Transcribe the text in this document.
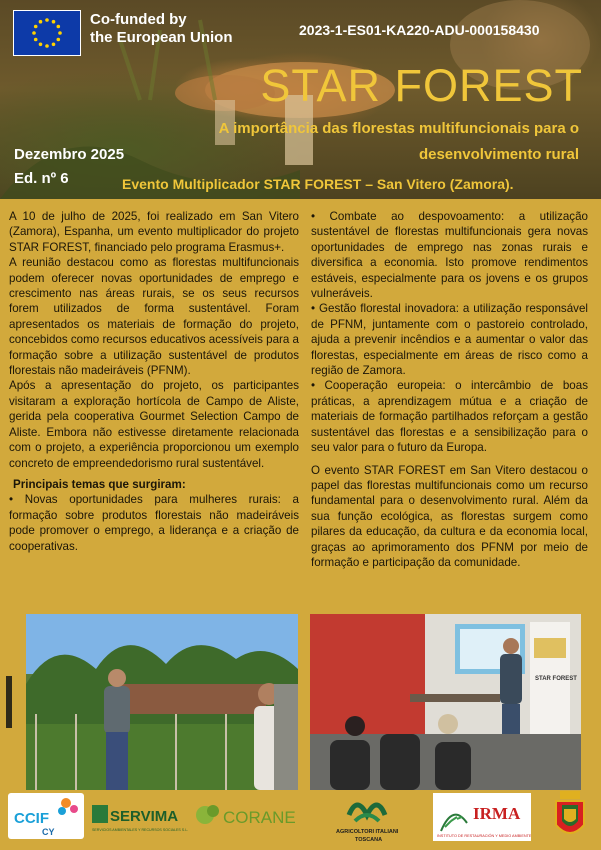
Co-funded by
the European Union	2023-1-ES01-KA220-ADU-000158430
STAR FOREST
A importância das florestas multifuncionais para o desenvolvimento rural
Dezembro 2025
Ed. nº 6	Evento Multiplicador STAR FOREST – San Vitero (Zamora).

A 10 de julho de 2025, foi realizado em San Vitero (Zamora), Espanha, um evento multiplicador do projeto STAR FOREST, financiado pelo programa Erasmus+.

A reunião destacou como as florestas multifuncionais podem oferecer novas oportunidades de emprego e crescimento nas áreas rurais, se os seus recursos forem utilizados de forma sustentável. Foram apresentados os materiais de formação do projeto, concebidos como recursos educativos acessíveis para a formação sobre a utilização sustentável de produtos florestais não madeiráveis (PFNM).

Após a apresentação do projeto, os participantes visitaram a exploração hortícola de Campo de Aliste, gerida pela cooperativa Gourmet Selection Campo de Aliste. Embora não estivesse diretamente relacionada com o projeto, a experiência proporcionou um exemplo concreto de empreendedorismo rural sustentável.

Principais temas que surgiram:

• Novas oportunidades para mulheres rurais: a formação sobre produtos florestais não madeiráveis pode promover o emprego, a liderança e a criação de cooperativas.

• Combate ao despovoamento: a utilização sustentável de florestas multifuncionais gera novas oportunidades de emprego nas zonas rurais e diversifica a economia. Isto promove rendimentos estáveis, especialmente para os jovens e os grupos vulneráveis.

• Gestão florestal inovadora: a utilização responsável de PFNM, juntamente com o pastoreio controlado, ajuda a prevenir incêndios e a aumentar o valor das florestas, especialmente em áreas de risco como a região de Zamora.

• Cooperação europeia: o intercâmbio de boas práticas, a aprendizagem mútua e a criação de materiais de formação partilhados reforçam a gestão sustentável das florestas e a sensibilização para o seu valor para o futuro da Europa.

O evento STAR FOREST em San Vitero destacou o papel das florestas multifuncionais como um recurso fundamental para o desenvolvimento rural. Além da sua função ecológica, as florestas surgem como pilares da educação, da cultura e da economia local, graças ao aprimoramento dos PFNM por meio de formação e participação da comunidade.

STAR FOREST
CCIF
CY
SERVIMA
SERVICIOS AMBIENTALES Y RECURSOS SOCIALES S.L.
CORANE
AGRICOLTORI ITALIANI
TOSCANA
IRMA
INSTITUTO DE RESTAURACIÓN Y MEDIO AMBIENTE
